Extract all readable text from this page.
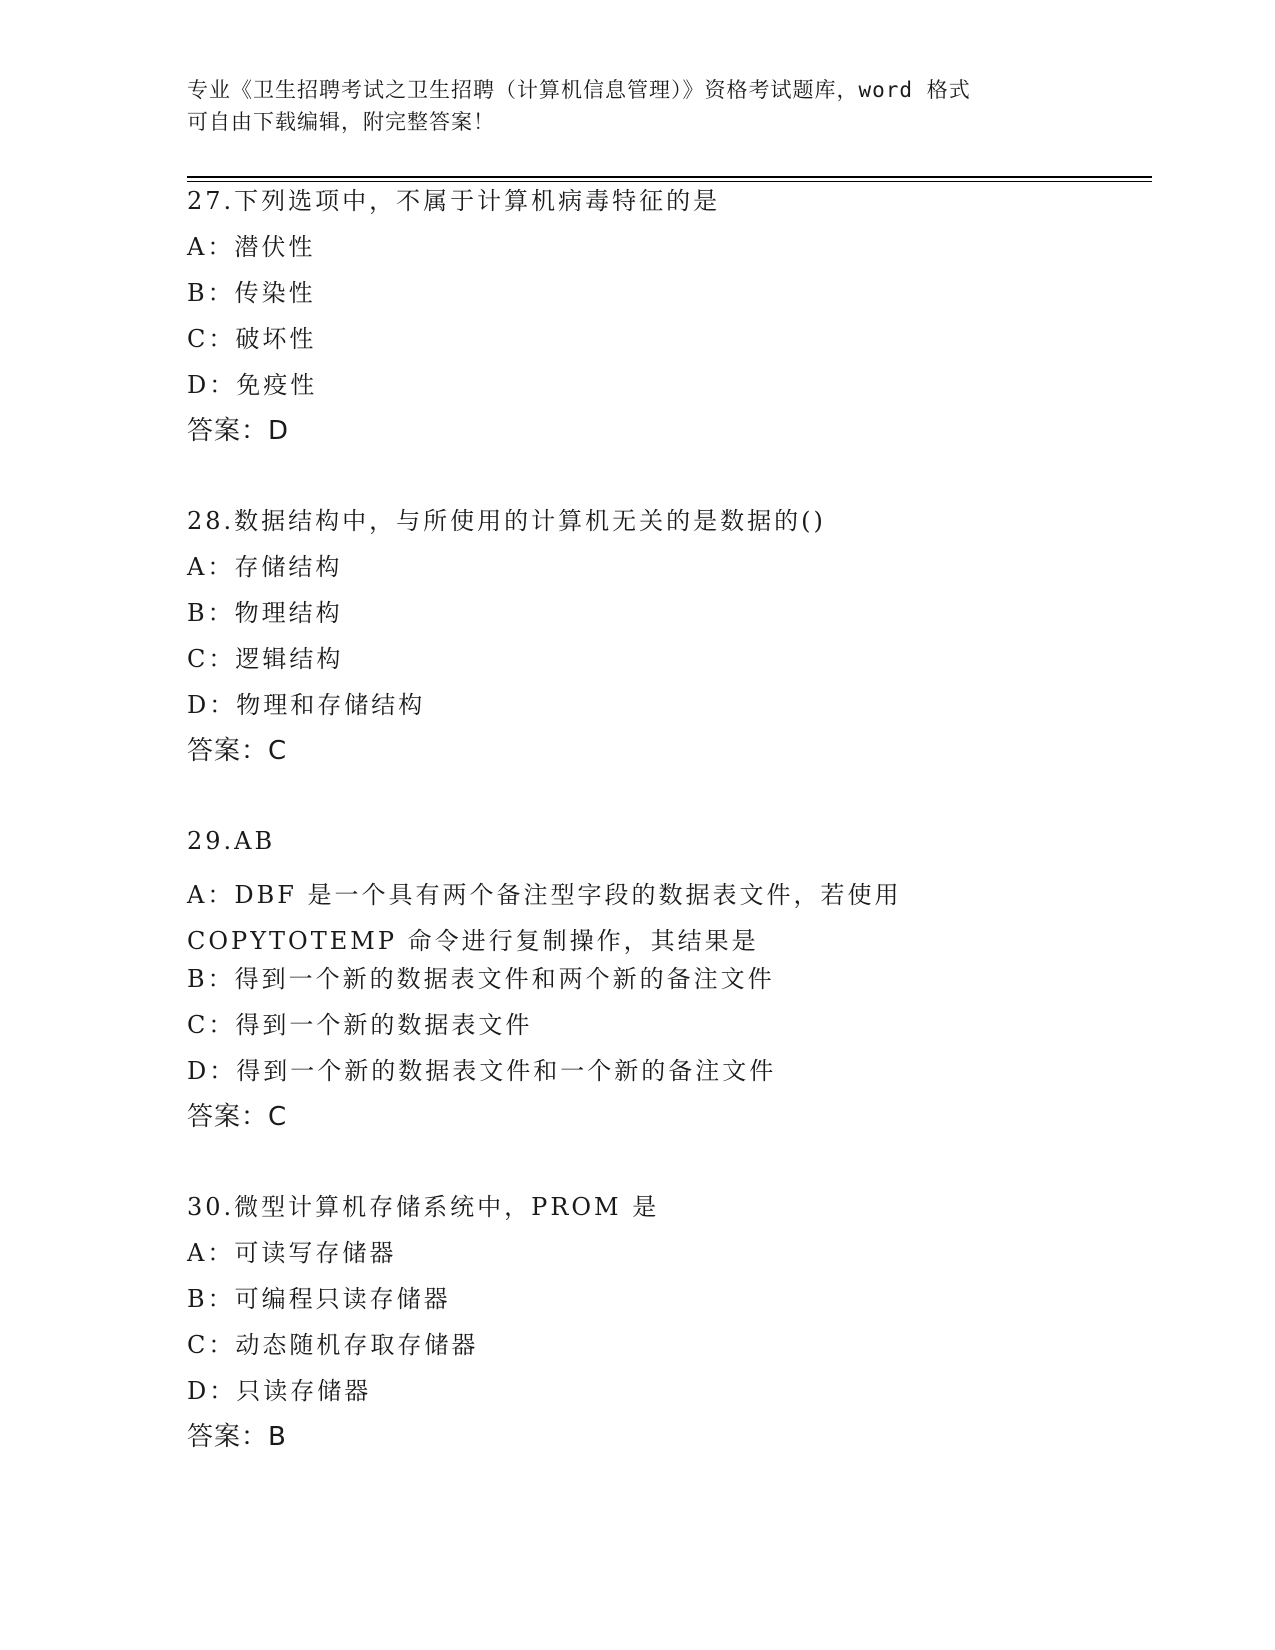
专业《卫生招聘考试之卫生招聘（计算机信息管理）》资格考试题库，word 格式
可自由下载编辑，附完整答案！
27.下列选项中，不属于计算机病毒特征的是
A：潜伏性
B：传染性
C：破坏性
D：免疫性
答案：D
28.数据结构中，与所使用的计算机无关的是数据的()
A：存储结构
B：物理结构
C：逻辑结构
D：物理和存储结构
答案：C
29.AB
A：DBF 是一个具有两个备注型字段的数据表文件，若使用 COPYTOTEMP 命令进行复制操作，其结果是
B：得到一个新的数据表文件和两个新的备注文件
C：得到一个新的数据表文件
D：得到一个新的数据表文件和一个新的备注文件
答案：C
30.微型计算机存储系统中，PROM 是
A：可读写存储器
B：可编程只读存储器
C：动态随机存取存储器
D：只读存储器
答案：B
